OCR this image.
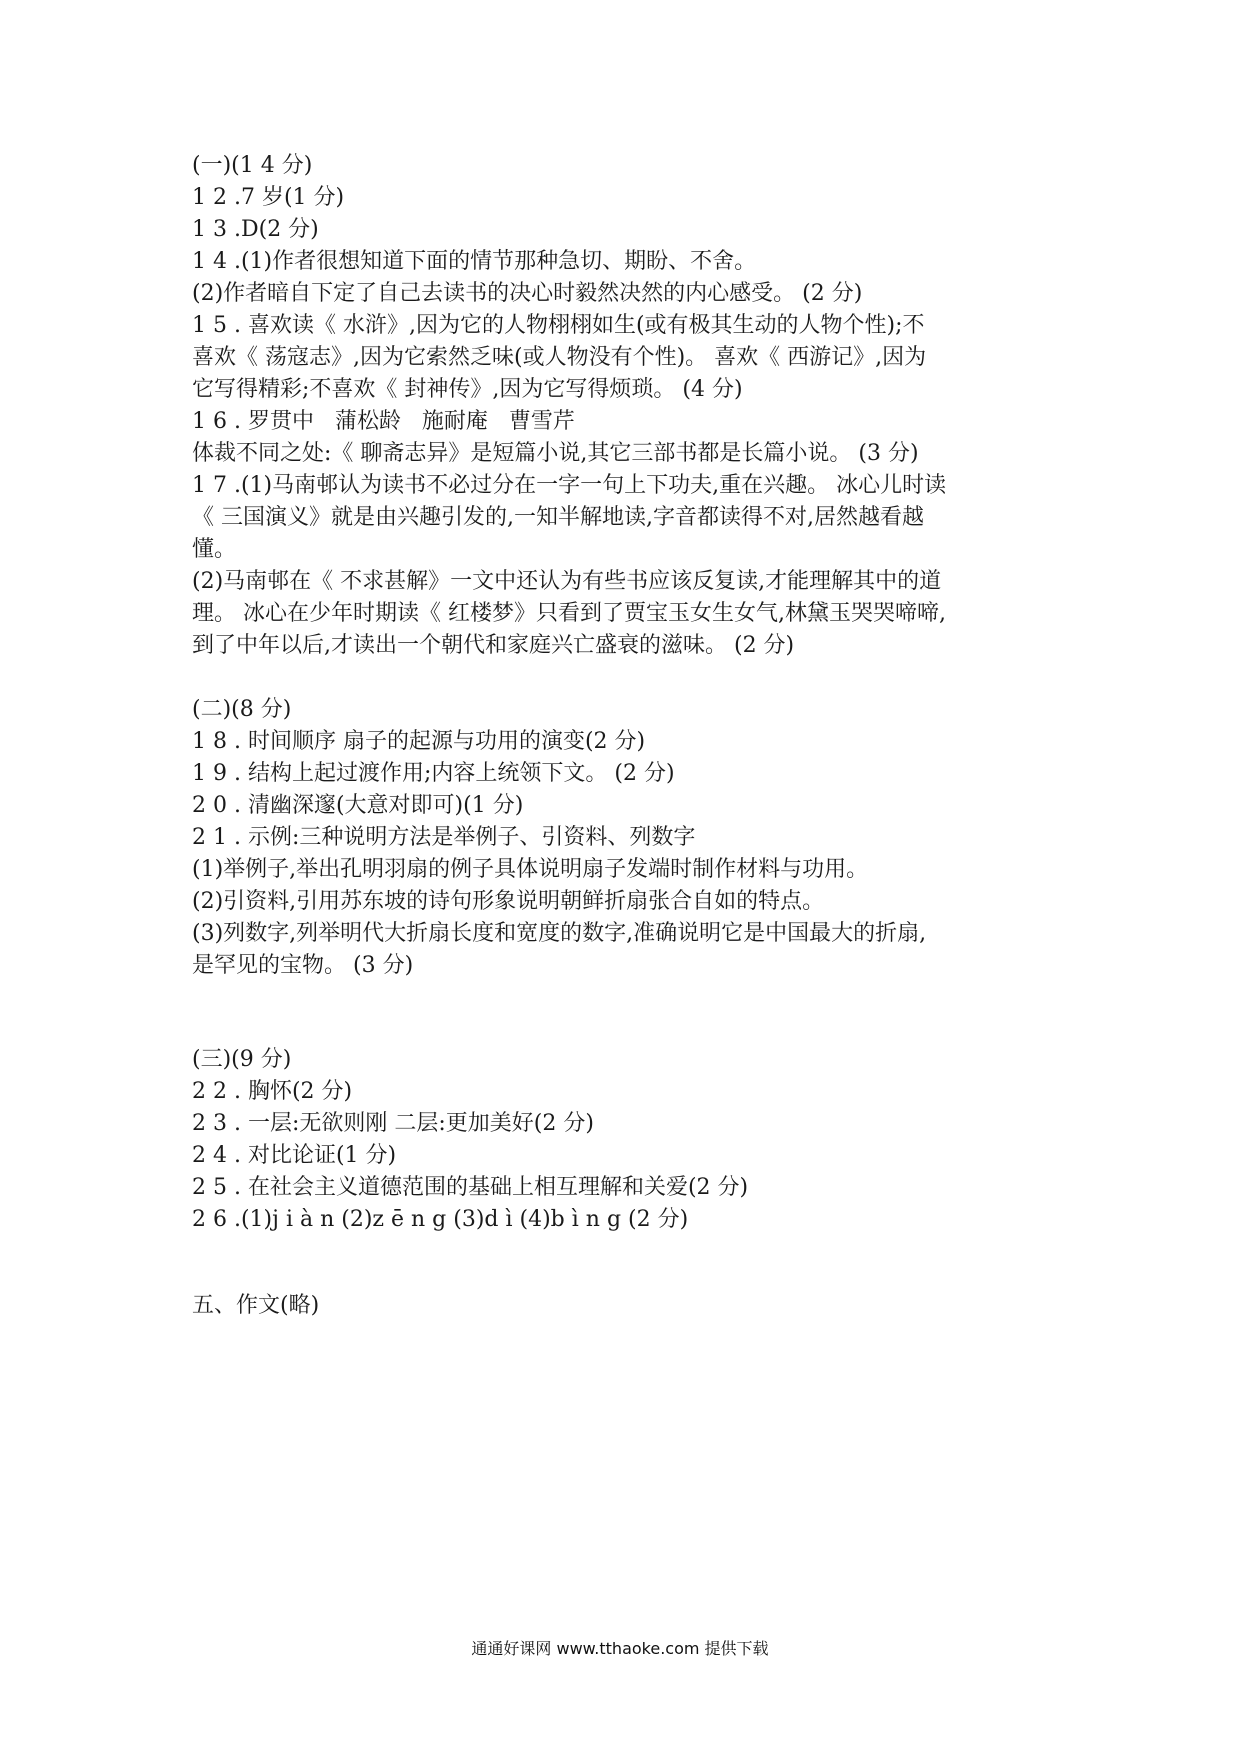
(一)(1 4 分)
1 2 .7 岁(1 分)
1 3 .D(2 分)
1 4 .(1)作者很想知道下面的情节那种急切、期盼、不舍。
(2)作者暗自下定了自己去读书的决心时毅然决然的内心感受。 (2 分)
1 5 . 喜欢读《 水浒》,因为它的人物栩栩如生(或有极其生动的人物个性);不
喜欢《 荡寇志》,因为它索然乏味(或人物没有个性)。 喜欢《 西游记》,因为
它写得精彩;不喜欢《 封神传》,因为它写得烦琐。 (4 分)
1 6 . 罗贯中   蒲松龄   施耐庵   曹雪芹
体裁不同之处:《 聊斋志异》是短篇小说,其它三部书都是长篇小说。 (3 分)
1 7 .(1)马南邨认为读书不必过分在一字一句上下功夫,重在兴趣。 冰心儿时读
《 三国演义》就是由兴趣引发的,一知半解地读,字音都读得不对,居然越看越
懂。
(2)马南邨在《 不求甚解》一文中还认为有些书应该反复读,才能理解其中的道
理。 冰心在少年时期读《 红楼梦》只看到了贾宝玉女生女气,林黛玉哭哭啼啼,
到了中年以后,才读出一个朝代和家庭兴亡盛衰的滋味。 (2 分)
(二)(8 分)
1 8 . 时间顺序 扇子的起源与功用的演变(2 分)
1 9 . 结构上起过渡作用;内容上统领下文。 (2 分)
2 0 . 清幽深邃(大意对即可)(1 分)
2 1 . 示例:三种说明方法是举例子、引资料、列数字
(1)举例子,举出孔明羽扇的例子具体说明扇子发端时制作材料与功用。
(2)引资料,引用苏东坡的诗句形象说明朝鲜折扇张合自如的特点。
(3)列数字,列举明代大折扇长度和宽度的数字,准确说明它是中国最大的折扇,
是罕见的宝物。 (3 分)
(三)(9 分)
2 2 . 胸怀(2 分)
2 3 . 一层:无欲则刚 二层:更加美好(2 分)
2 4 . 对比论证(1 分)
2 5 . 在社会主义道德范围的基础上相互理解和关爱(2 分)
2 6 .(1)j i à n (2)z ē n g (3)d ì (4)b ì n g (2 分)
五、作文(略)
通通好课网 www.tthaoke.com 提供下载
